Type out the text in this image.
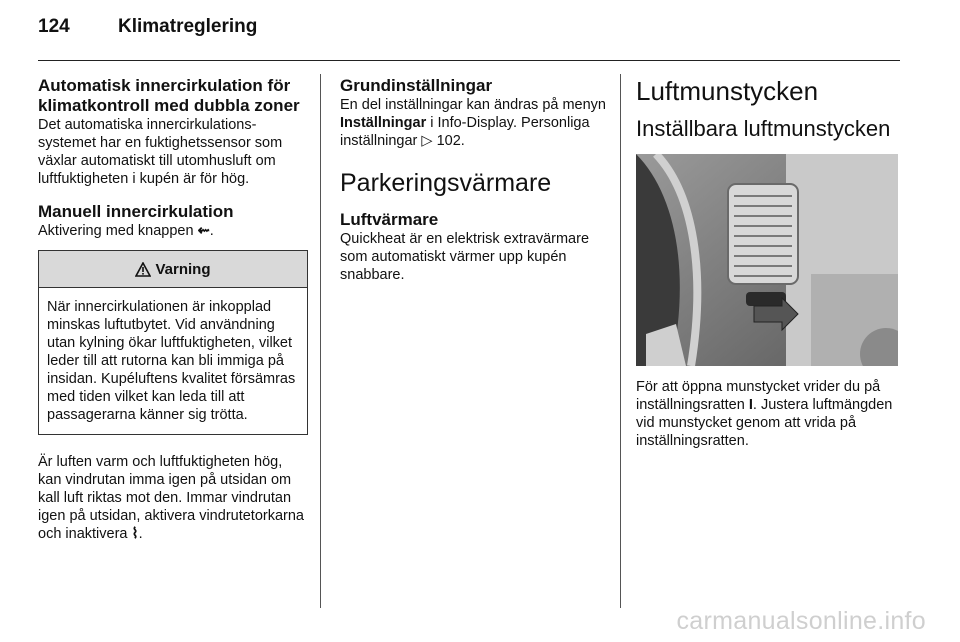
124	Klimatreglering
Automatisk innercirkulation för klimatkontroll med dubbla zoner

Det automatiska innercirkulationssystemet har en fuktighetssensor som växlar automatiskt till utomhusluft om luftfuktigheten i kupén är för hög.

Manuell innercirkulation

Aktivering med knappen ⇜.

Varning

När innercirkulationen är inkopplad minskas luftutbytet. Vid användning utan kylning ökar luftfuktigheten, vilket leder till att rutorna kan bli immiga på insidan. Kupéluftens kvalitet försämras med tiden vilket kan leda till att passagerarna känner sig trötta.

Är luften varm och luftfuktigheten hög, kan vindrutan imma igen på utsidan om kall luft riktas mot den. Immar vindrutan igen på utsidan, aktivera vindrutetorkarna och inaktivera ⌇.

Grundinställningar

En del inställningar kan ändras på menyn Inställningar i Info-Display. Personliga inställningar ▷ 102.

Parkeringsvärmare
Luftvärmare

Quickheat är en elektrisk extravärmare som automatiskt värmer upp kupén snabbare.

Luftmunstycken
Inställbara luftmunstycken

För att öppna munstycket vrider du på inställningsratten I. Justera luftmängden vid munstycket genom att vrida på inställningsratten.

carmanualsonline.info
